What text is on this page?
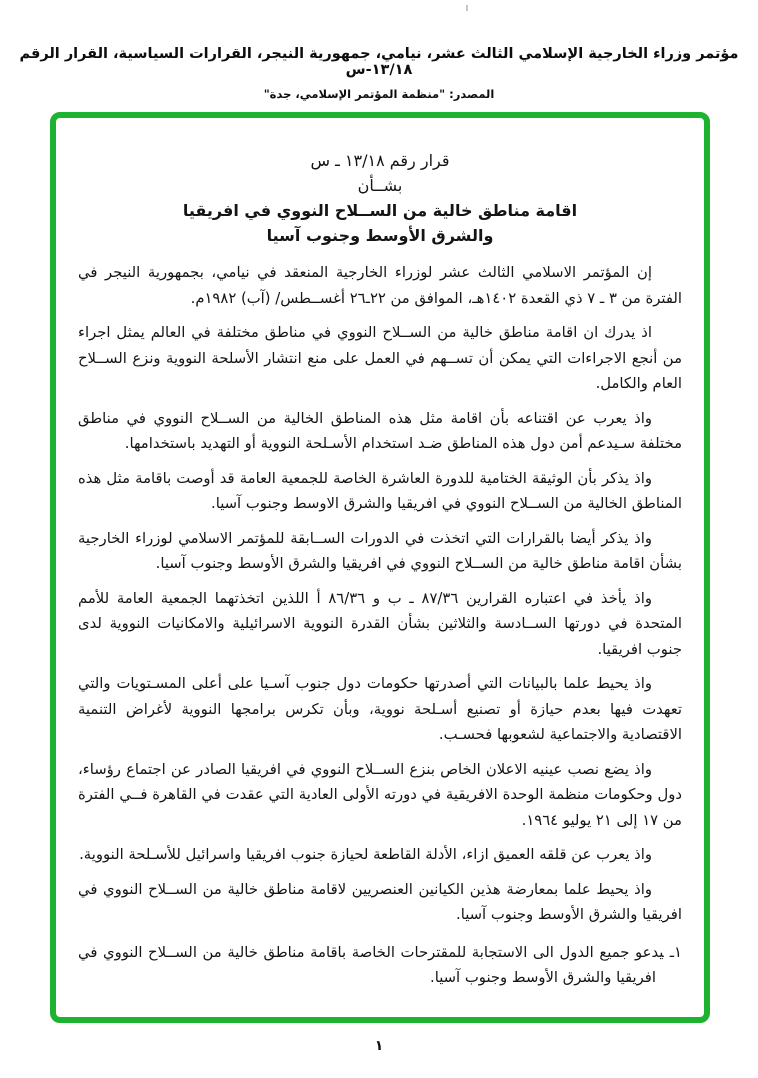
مؤتمر وزراء الخارجية الإسلامي الثالث عشر، نيامي، جمهورية النيجر، القرارات السياسية، القرار الرقم ١٣/١٨-س
المصدر: "منظمة المؤتمر الإسلامي، جدة"
قرار رقم ١٣/١٨ ـ س
بشــأن
اقامة مناطق خالية من الســلاح النووي في افريقيا
والشرق الأوسط وجنوب آسيا

إن المؤتمر الاسلامي الثالث عشر لوزراء الخارجية المنعقد في نيامي، بجمهورية النيجر في الفترة من ٣ ـ ٧ ذي القعدة ١٤٠٢هـ، الموافق من ٢٢ـ٢٦ أغســطس/ (آب) ١٩٨٢م.

اذ يدرك ان اقامة مناطق خالية من الســلاح النووي في مناطق مختلفة في العالم يمثل اجراء من أنجع الاجراءات التي يمكن أن تســهم في العمل على منع انتشار الأسلحة النووية ونزع الســلاح العام والكامل.

واذ يعرب عن اقتناعه بأن اقامة مثل هذه المناطق الخالية من الســلاح النووي في مناطق مختلفة سـيدعم أمن دول هذه المناطق ضـد استخدام الأسـلحة النووية أو التهديد باستخدامها.

واذ يذكر بأن الوثيقة الختامية للدورة العاشرة الخاصة للجمعية العامة قد أوصت باقامة مثل هذه المناطق الخالية من الســلاح النووي في افريقيا والشرق الاوسط وجنوب آسيا.

واذ يذكر أيضا بالقرارات التي اتخذت في الدورات الســابقة للمؤتمر الاسلامي لوزراء الخارجية بشأن اقامة مناطق خالية من الســلاح النووي في افريقيا والشرق الأوسط وجنوب آسيا.

واذ يأخذ في اعتباره القرارين ٨٧/٣٦ ـ ب و ٨٦/٣٦ أ اللذين اتخذتهما الجمعية العامة للأمم المتحدة في دورتها الســادسة والثلاثين بشأن القدرة النووية الاسرائيلية والامكانيات النووية لدى جنوب افريقيا.

واذ يحيط علما بالبيانات التي أصدرتها حكومات دول جنوب آسـيا على أعلى المسـتويات والتي تعهدت فيها بعدم حيازة أو تصنيع أسـلحة نووية، وبأن تكرس برامجها النووية لأغراض التنمية الاقتصادية والاجتماعية لشعوبها فحسـب.

واذ يضع نصب عينيه الاعلان الخاص بنزع الســلاح النووي في افريقيا الصادر عن اجتماع رؤساء، دول وحكومات منظمة الوحدة الافريقية في دورته الأولى العادية التي عقدت في القاهرة فــي الفترة من ١٧ إلى ٢١ يوليو ١٩٦٤.

واذ يعرب عن قلقه العميق ازاء، الأدلة القاطعة لحيازة جنوب افريقيا واسرائيل للأسـلحة النووية.

واذ يحيط علما بمعارضة هذين الكيانين العنصريين لاقامة مناطق خالية من الســلاح النووي في افريقيا والشرق الأوسط وجنوب آسيا.

١ـيدعو جميع الدول الى الاستجابة للمقترحات الخاصة باقامة مناطق خالية من الســلاح النووي في افريقيا والشرق الأوسط وجنوب آسيا.

١
